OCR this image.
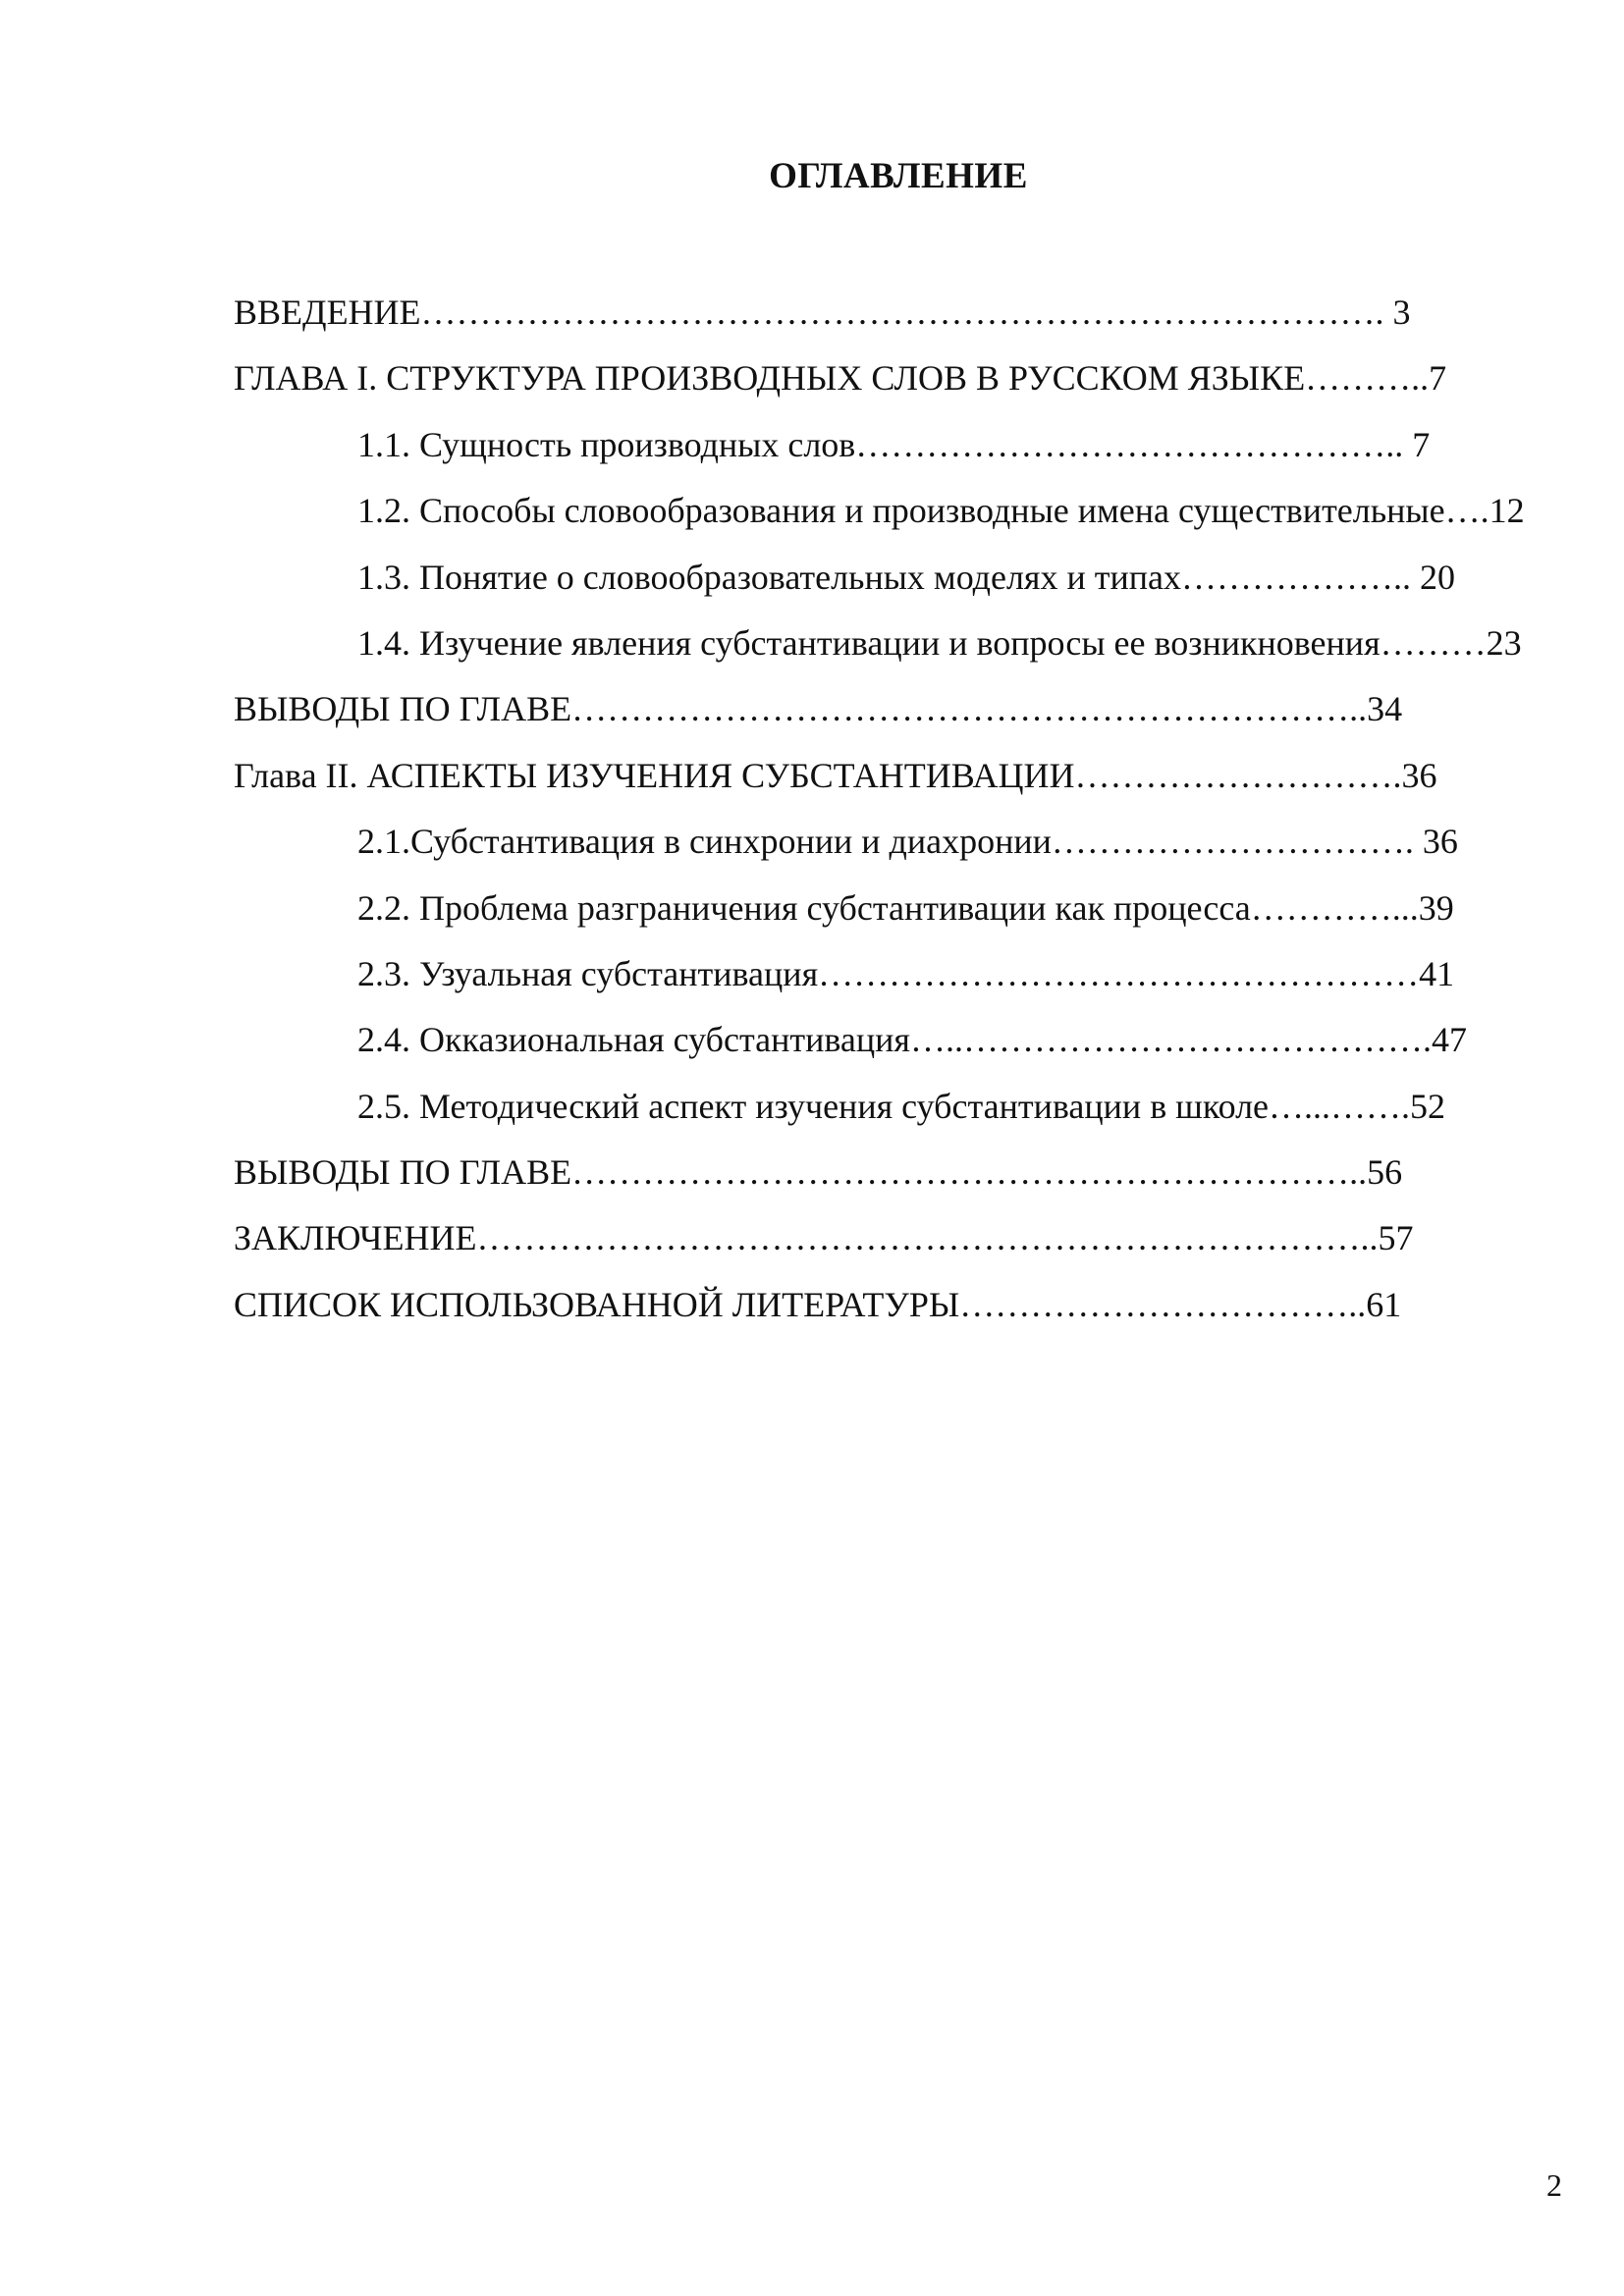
ОГЛАВЛЕНИЕ
ВВЕДЕНИЕ………………………………………………………………………. 3
ГЛАВА I. СТРУКТУРА ПРОИЗВОДНЫХ СЛОВ В РУССКОМ ЯЗЫКЕ………..7
1.1. Сущность производных слов……………………………………….. 7
1.2. Способы словообразования и производные имена существительные….12
1.3. Понятие о словообразовательных моделях и типах……………….. 20
1.4. Изучение явления субстантивации и вопросы ее возникновения………23
ВЫВОДЫ ПО ГЛАВЕ…………………………………………………………..34
Глава II. АСПЕКТЫ ИЗУЧЕНИЯ СУБСТАНТИВАЦИИ……………………….36
2.1.Субстантивация в синхронии и диахронии…………………………. 36
2.2. Проблема разграничения субстантивации как процесса…………...39
2.3. Узуальная субстантивация……………………………………………41
2.4. Окказиональная субстантивация…..………………………………….47
2.5. Методический аспект изучения субстантивации в школе…...…….52
ВЫВОДЫ ПО ГЛАВЕ…………………………………………………………..56
ЗАКЛЮЧЕНИЕ…………………………………………………………………..57
СПИСОК ИСПОЛЬЗОВАННОЙ ЛИТЕРАТУРЫ……………………………..61
2
